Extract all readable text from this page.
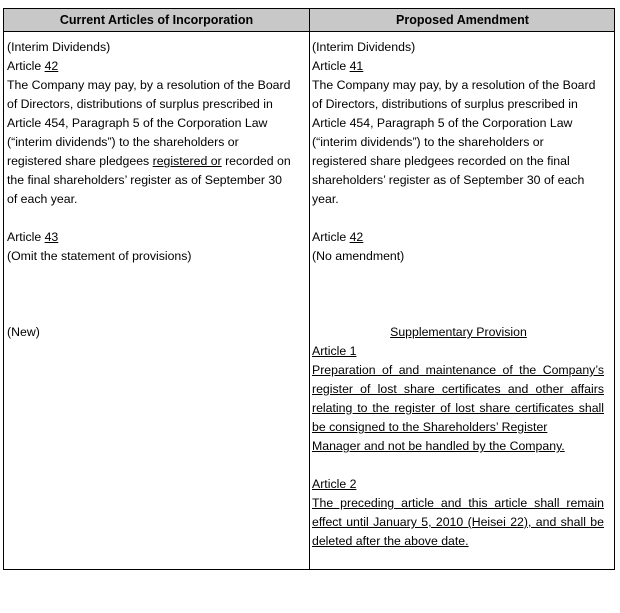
Current Articles of Incorporation	Proposed Amendment
(Interim Dividends)
Article 42
The Company may pay, by a resolution of the Board
of Directors, distributions of surplus prescribed in
Article 454, Paragraph 5 of the Corporation Law
(“interim dividends”) to the shareholders or
registered share pledgees registered or recorded on
the final shareholders’ register as of September 30
of each year.
Article 43
(Omit the statement of provisions)
(New)
(Interim Dividends)
Article 41
The Company may pay, by a resolution of the Board
of Directors, distributions of surplus prescribed in
Article 454, Paragraph 5 of the Corporation Law
(“interim dividends”) to the shareholders or
registered share pledgees recorded on the final
shareholders’ register as of September 30 of each
year.
Article 42
(No amendment)
Supplementary Provision
Article 1
Preparation of and maintenance of the Company’s
register of lost share certificates and other affairs
relating to the register of lost share certificates shall
be consigned to the Shareholders’ Register
Manager and not be handled by the Company.
Article 2
The preceding article and this article shall remain
effect until January 5, 2010 (Heisei 22), and shall be
deleted after the above date.
